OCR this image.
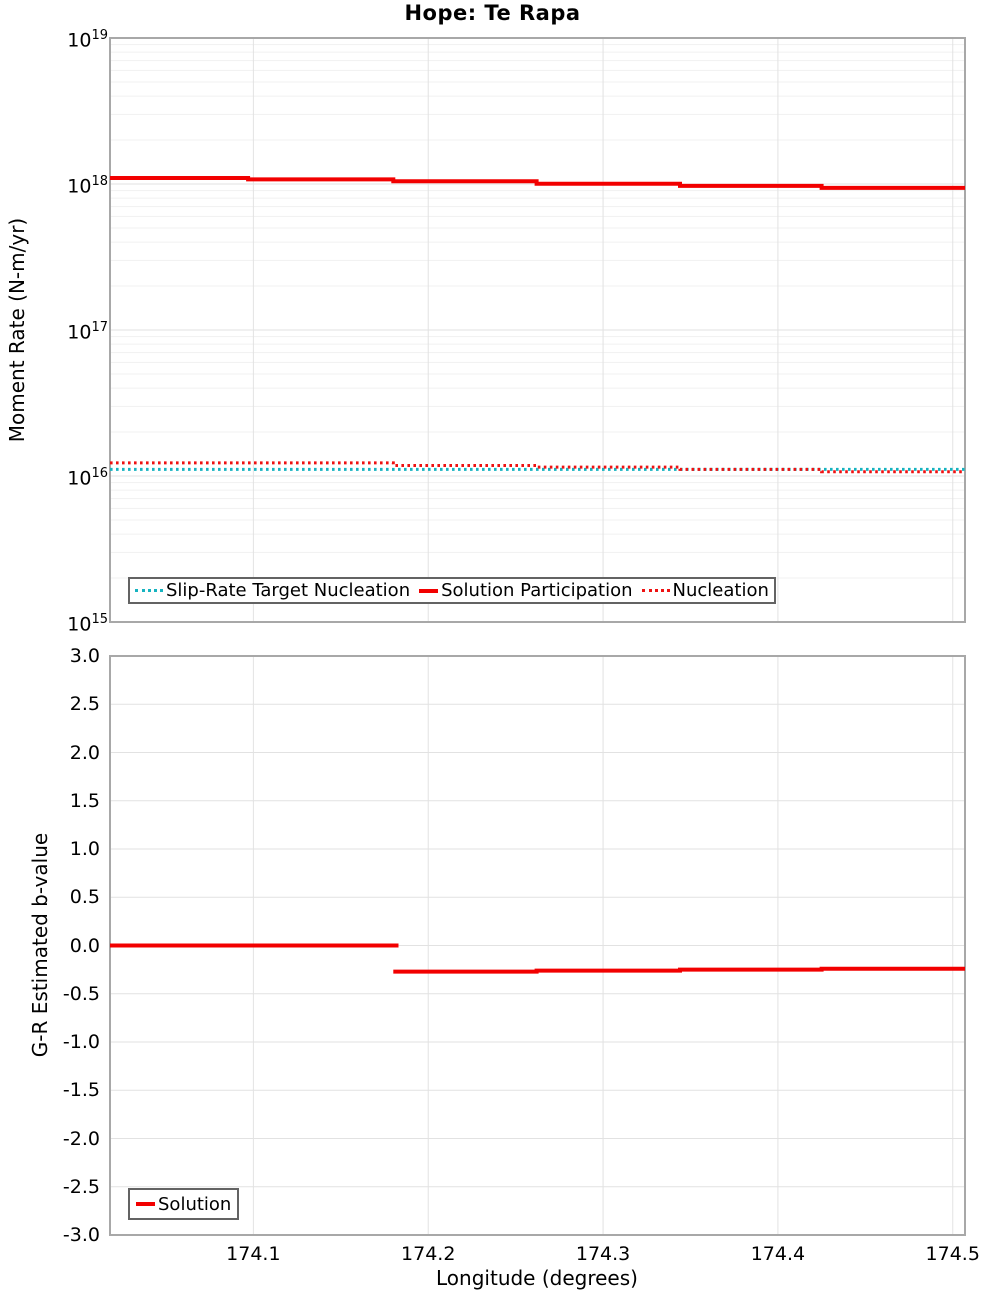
Hope: Te Rapa
Moment Rate (N-m/yr)
G-R Estimated b-value
Longitude (degrees)
$10^{19}$
$10^{18}$
$10^{17}$
$10^{16}$
$10^{15}$
3.0
2.5
2.0
1.5
1.0
0.5
0.0
-0.5
-1.0
-1.5
-2.0
-2.5
-3.0
174.1	174.2	174.3	174.4	174.5
Slip-Rate Target Nucleation Solution Participation Nucleation
Solution
